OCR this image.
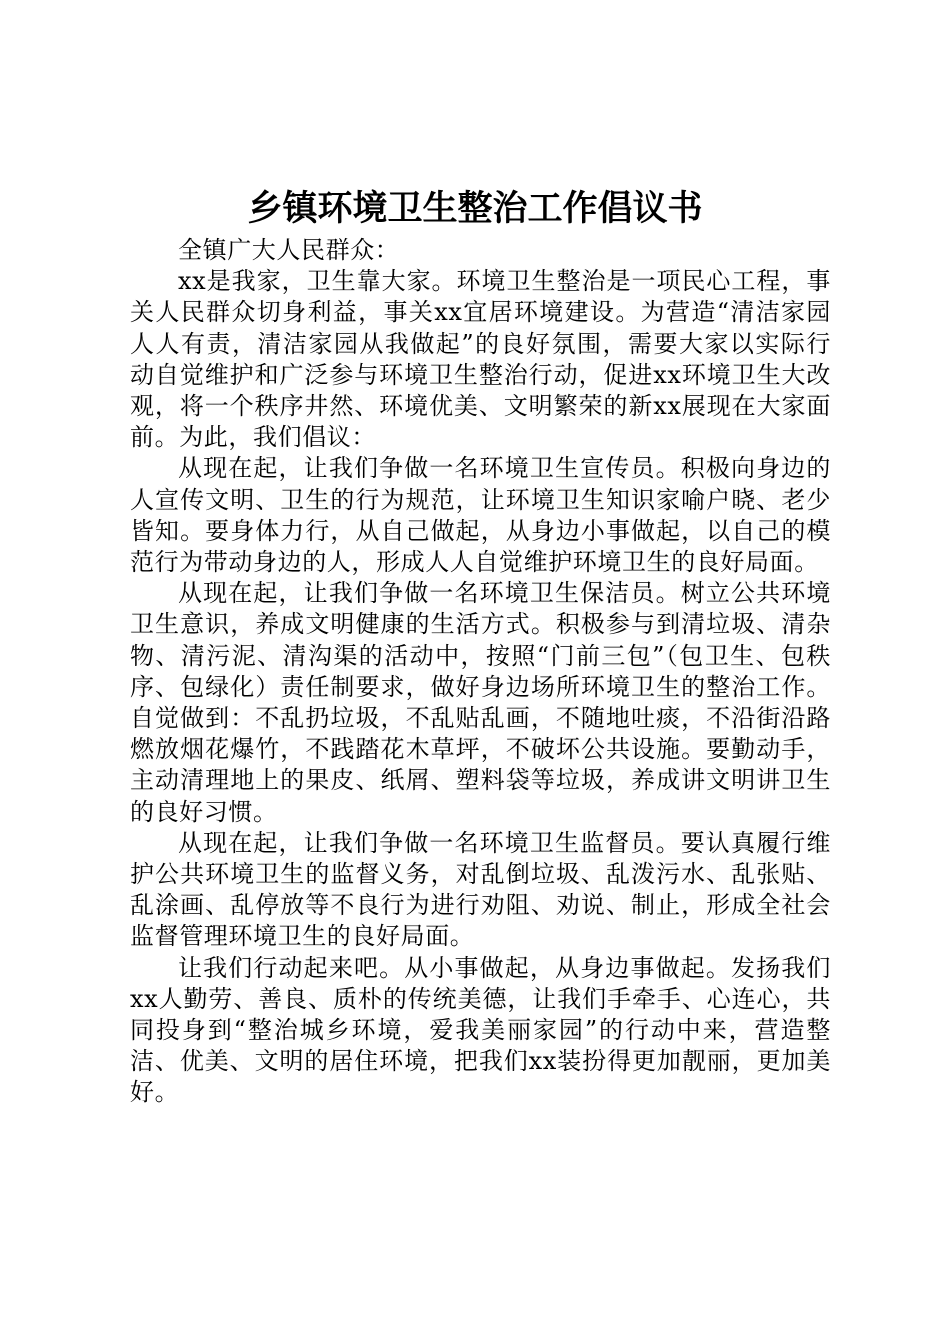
乡镇环境卫生整治工作倡议书

全镇广大人民群众：

xx是我家，卫生靠大家。环境卫生整治是一项民心工程，事关人民群众切身利益，事关xx宜居环境建设。为营造“清洁家园人人有责，清洁家园从我做起”的良好氛围，需要大家以实际行动自觉维护和广泛参与环境卫生整治行动，促进xx环境卫生大改观，将一个秩序井然、环境优美、文明繁荣的新xx展现在大家面前。为此，我们倡议：

从现在起，让我们争做一名环境卫生宣传员。积极向身边的人宣传文明、卫生的行为规范，让环境卫生知识家喻户晓、老少皆知。要身体力行，从自己做起，从身边小事做起，以自己的模范行为带动身边的人，形成人人自觉维护环境卫生的良好局面。

从现在起，让我们争做一名环境卫生保洁员。树立公共环境卫生意识，养成文明健康的生活方式。积极参与到清垃圾、清杂物、清污泥、清沟渠的活动中，按照“门前三包”（包卫生、包秩序、包绿化）责任制要求，做好身边场所环境卫生的整治工作。自觉做到：不乱扔垃圾，不乱贴乱画，不随地吐痰，不沿街沿路燃放烟花爆竹，不践踏花木草坪，不破坏公共设施。要勤动手，主动清理地上的果皮、纸屑、塑料袋等垃圾，养成讲文明讲卫生的良好习惯。

从现在起，让我们争做一名环境卫生监督员。要认真履行维护公共环境卫生的监督义务，对乱倒垃圾、乱泼污水、乱张贴、乱涂画、乱停放等不良行为进行劝阻、劝说、制止，形成全社会监督管理环境卫生的良好局面。

让我们行动起来吧。从小事做起，从身边事做起。发扬我们xx人勤劳、善良、质朴的传统美德，让我们手牵手、心连心，共同投身到“整治城乡环境，爱我美丽家园”的行动中来，营造整洁、优美、文明的居住环境，把我们xx装扮得更加靓丽，更加美好。
